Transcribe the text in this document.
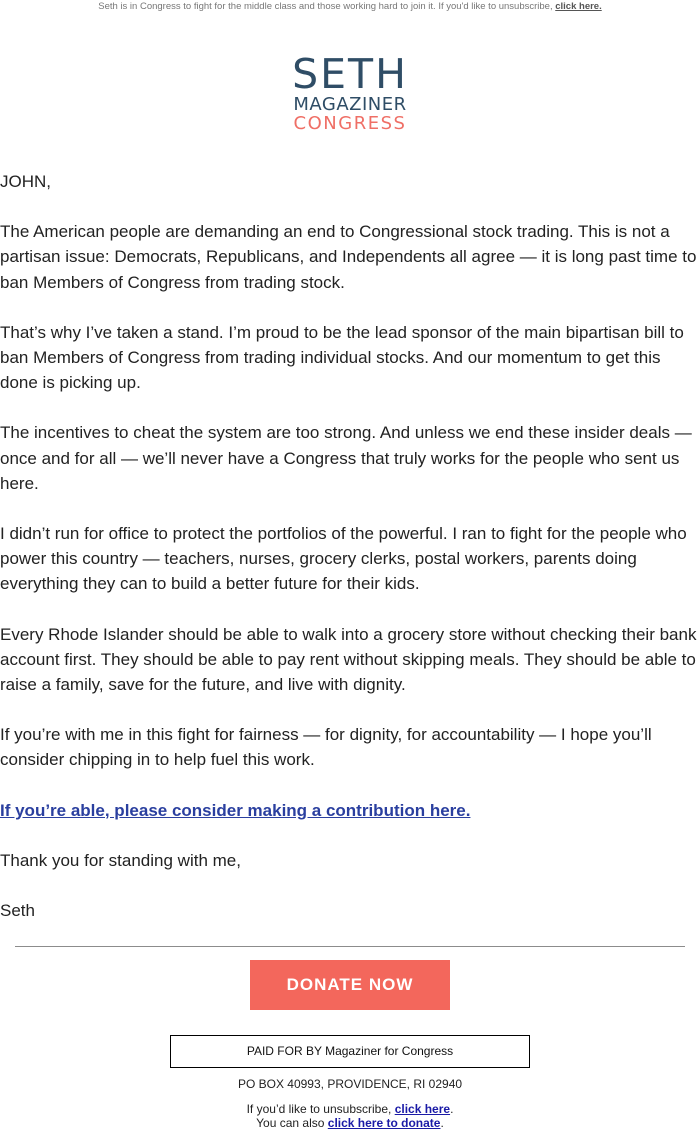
Seth is in Congress to fight for the middle class and those working hard to join it. If you'd like to unsubscribe, click here.
SETH
MAGAZINER
CONGRESS

JOHN,

The American people are demanding an end to Congressional stock trading. This is not a partisan issue: Democrats, Republicans, and Independents all agree — it is long past time to ban Members of Congress from trading stock.

That’s why I’ve taken a stand. I’m proud to be the lead sponsor of the main bipartisan bill to ban Members of Congress from trading individual stocks. And our momentum to get this done is picking up.

The incentives to cheat the system are too strong. And unless we end these insider deals — once and for all — we’ll never have a Congress that truly works for the people who sent us here.

I didn’t run for office to protect the portfolios of the powerful. I ran to fight for the people who power this country — teachers, nurses, grocery clerks, postal workers, parents doing everything they can to build a better future for their kids.

Every Rhode Islander should be able to walk into a grocery store without checking their bank account first. They should be able to pay rent without skipping meals. They should be able to raise a family, save for the future, and live with dignity.

If you’re with me in this fight for fairness — for dignity, for accountability — I hope you’ll consider chipping in to help fuel this work.

If you’re able, please consider making a contribution here.

Thank you for standing with me,

Seth

DONATE NOW
PAID FOR BY Magaziner for Congress
PO BOX 40993, PROVIDENCE, RI 02940
If you’d like to unsubscribe, click here.
You can also click here to donate.
